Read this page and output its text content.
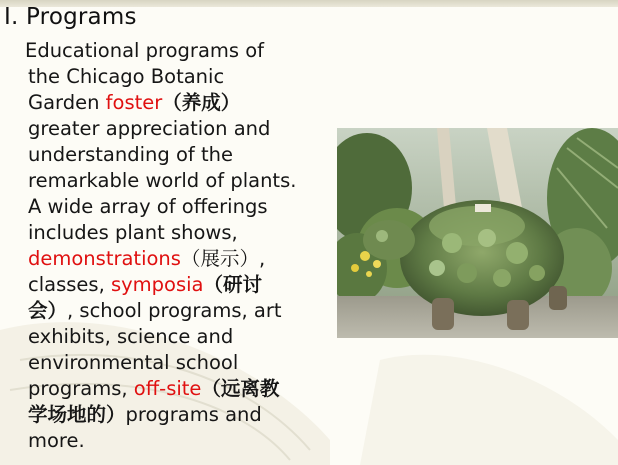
I. Programs
Educational programs of
the Chicago Botanic
Garden foster（养成）
greater appreciation and
understanding of the
remarkable world of plants.
A wide array of offerings
includes plant shows,
demonstrations（展示）,
classes, symposia（研讨
会）, school programs, art
exhibits, science and
environmental school
programs, off-site（远离教
学场地的）programs and
more.
